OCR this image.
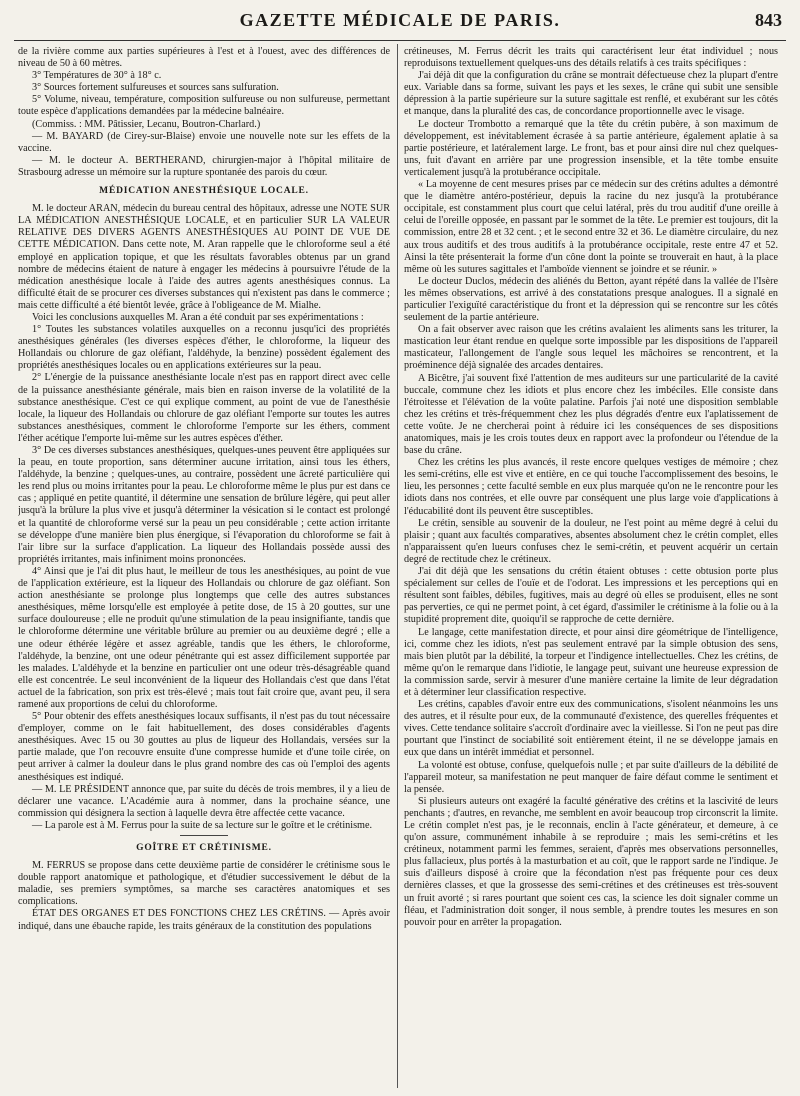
GAZETTE MÉDICALE DE PARIS.	843

de la rivière comme aux parties supérieures à l'est et à l'ouest, avec des différences de niveau de 50 à 60 mètres.

3° Températures de 30° à 18° c.

3° Sources fortement sulfureuses et sources sans sulfuration.

5° Volume, niveau, température, composition sulfureuse ou non sulfureuse, permettant toute espèce d'applications demandées par la médecine balnéaire.

(Commiss. : MM. Pâtissier, Lecanu, Boutron-Charlard.)

— M. BAYARD (de Cirey-sur-Blaise) envoie une nouvelle note sur les effets de la vaccine.

— M. le docteur A. BERTHERAND, chirurgien-major à l'hôpital militaire de Strasbourg adresse un mémoire sur la rupture spontanée des parois du cœur.

MÉDICATION ANESTHÉSIQUE LOCALE.

M. le docteur ARAN, médecin du bureau central des hôpitaux, adresse une NOTE SUR LA MÉDICATION ANESTHÉSIQUE LOCALE, et en particulier SUR LA VALEUR RELATIVE DES DIVERS AGENTS ANESTHÉSIQUES AU POINT DE VUE DE CETTE MÉDICATION. Dans cette note, M. Aran rappelle que le chloroforme seul a été employé en application topique, et que les résultats favorables obtenus par un grand nombre de médecins étaient de nature à engager les médecins à poursuivre l'étude de la médication anesthésique locale à l'aide des autres agents anesthésiques connus. La difficulté était de se procurer ces diverses substances qui n'existent pas dans le commerce ; mais cette difficulté a été bientôt levée, grâce à l'obligeance de M. Mialhe.

Voici les conclusions auxquelles M. Aran a été conduit par ses expérimentations :

1° Toutes les substances volatiles auxquelles on a reconnu jusqu'ici des propriétés anesthésiques générales (les diverses espèces d'éther, le chloroforme, la liqueur des Hollandais ou chlorure de gaz oléfiant, l'aldéhyde, la benzine) possèdent également des propriétés anesthésiques locales ou en applications extérieures sur la peau.

2° L'énergie de la puissance anesthésiante locale n'est pas en rapport direct avec celle de la puissance anesthésiante générale, mais bien en raison inverse de la volatilité de la substance anesthésique. C'est ce qui explique comment, au point de vue de l'anesthésie locale, la liqueur des Hollandais ou chlorure de gaz oléfiant l'emporte sur toutes les autres substances anesthésiques, comment le chloroforme l'emporte sur les éthers, comment l'éther acétique l'emporte lui-même sur les autres espèces d'éther.

3° De ces diverses substances anesthésiques, quelques-unes peuvent être appliquées sur la peau, en toute proportion, sans déterminer aucune irritation, ainsi tous les éthers, l'aldéhyde, la benzine ; quelques-unes, au contraire, possèdent une âcreté particulière qui les rend plus ou moins irritantes pour la peau. Le chloroforme même le plus pur est dans ce cas ; appliqué en petite quantité, il détermine une sensation de brûlure légère, qui peut aller jusqu'à la brûlure la plus vive et jusqu'à déterminer la vésication si le contact est prolongé et la quantité de chloroforme versé sur la peau un peu considérable ; cette action irritante se développe d'une manière bien plus énergique, si l'évaporation du chloroforme se fait à l'air libre sur la surface d'application. La liqueur des Hollandais possède aussi des propriétés irritantes, mais infiniment moins prononcées.

4° Ainsi que je l'ai dit plus haut, le meilleur de tous les anesthésiques, au point de vue de l'application extérieure, est la liqueur des Hollandais ou chlorure de gaz oléfiant. Son action anesthésiante se prolonge plus longtemps que celle des autres substances anesthésiques, même lorsqu'elle est employée à petite dose, de 15 à 20 gouttes, sur une surface douloureuse ; elle ne produit qu'une stimulation de la peau insignifiante, tandis que le chloroforme détermine une véritable brûlure au premier ou au deuxième degré ; elle a une odeur éthérée légère et assez agréable, tandis que les éthers, le chloroforme, l'aldéhyde, la benzine, ont une odeur pénétrante qui est assez difficilement supportée par les malades. L'aldéhyde et la benzine en particulier ont une odeur très-désagréable quand elle est concentrée. Le seul inconvénient de la liqueur des Hollandais c'est que dans l'état actuel de la fabrication, son prix est très-élevé ; mais tout fait croire que, avant peu, il sera ramené aux proportions de celui du chloroforme.

5° Pour obtenir des effets anesthésiques locaux suffisants, il n'est pas du tout nécessaire d'employer, comme on le fait habituellement, des doses considérables d'agents anesthésiques. Avec 15 ou 30 gouttes au plus de liqueur des Hollandais, versées sur la partie malade, que l'on recouvre ensuite d'une compresse humide et d'une toile cirée, on peut arriver à calmer la douleur dans le plus grand nombre des cas où l'emploi des agents anesthésiques est indiqué.

— M. LE PRÉSIDENT annonce que, par suite du décès de trois membres, il y a lieu de déclarer une vacance. L'Académie aura à nommer, dans la prochaine séance, une commission qui désignera la section à laquelle devra être affectée cette vacance.

— La parole est à M. Ferrus pour la suite de sa lecture sur le goître et le crétinisme.

GOÎTRE ET CRÉTINISME.

M. FERRUS se propose dans cette deuxième partie de considérer le crétinisme sous le double rapport anatomique et pathologique, et d'étudier successivement le début de la maladie, ses premiers symptômes, sa marche ses caractères anatomiques et ses complications.

ÉTAT DES ORGANES ET DES FONCTIONS CHEZ LES CRÉTINS. — Après avoir indiqué, dans une ébauche rapide, les traits généraux de la constitution des populations

crétineuses, M. Ferrus décrit les traits qui caractérisent leur état individuel ; nous reproduisons textuellement quelques-uns des détails relatifs à ces traits spécifiques :

J'ai déjà dit que la configuration du crâne se montrait défectueuse chez la plupart d'entre eux. Variable dans sa forme, suivant les pays et les sexes, le crâne qui subit une sensible dépression à la partie supérieure sur la suture sagittale est renflé, et exubérant sur les côtés et manque, dans la pluralité des cas, de concordance proportionnelle avec le visage.

Le docteur Trombotto a remarqué que la tête du crétin pubère, à son maximum de développement, est inévitablement écrasée à sa partie antérieure, également aplatie à sa partie postérieure, et latéralement large. Le front, bas et pour ainsi dire nul chez quelques-uns, fuit d'avant en arrière par une progression insensible, et la tête tombe ensuite verticalement jusqu'à la protubérance occipitale.

« La moyenne de cent mesures prises par ce médecin sur des crétins adultes a démontré que le diamètre antéro-postérieur, depuis la racine du nez jusqu'à la protubérance occipitale, est constamment plus court que celui latéral, près du trou auditif d'une oreille à celui de l'oreille opposée, en passant par le sommet de la tête. Le premier est toujours, dit la commission, entre 28 et 32 cent. ; et le second entre 32 et 36. Le diamètre circulaire, du nez aux trous auditifs et des trous auditifs à la protubérance occipitale, reste entre 47 et 52. Ainsi la tête présenterait la forme d'un cône dont la pointe se trouverait en haut, à la place même où les sutures sagittales et l'amboïde viennent se joindre et se réunir. »

Le docteur Duclos, médecin des aliénés du Betton, ayant répété dans la vallée de l'Isère les mêmes observations, est arrivé à des constatations presque analogues. Il a signalé en particulier l'exiguïté caractéristique du front et la dépression qui se rencontre sur les côtés seulement de la partie antérieure.

On a fait observer avec raison que les crétins avalaient les aliments sans les triturer, la mastication leur étant rendue en quelque sorte impossible par les dispositions de l'appareil masticateur, l'allongement de l'angle sous lequel les mâchoires se rencontrent, et la proéminence déjà signalée des arcades dentaires.

A Bicêtre, j'ai souvent fixé l'attention de mes auditeurs sur une particularité de la cavité buccale, commune chez les idiots et plus encore chez les imbéciles. Elle consiste dans l'étroitesse et l'élévation de la voûte palatine. Parfois j'ai noté une disposition semblable chez les crétins et très-fréquemment chez les plus dégradés d'entre eux l'aplatissement de cette voûte. Je ne chercherai point à réduire ici les conséquences de ses dispositions anatomiques, mais je les crois toutes deux en rapport avec la profondeur ou l'étendue de la base du crâne.

Chez les crétins les plus avancés, il reste encore quelques vestiges de mémoire ; chez les semi-crétins, elle est vive et entière, en ce qui touche l'accomplissement des besoins, le lieu, les personnes ; cette faculté semble en eux plus marquée qu'on ne le rencontre pour les idiots dans nos contrées, et elle ouvre par conséquent une plus large voie d'applications à l'éducabilité dont ils peuvent être susceptibles.

Le crétin, sensible au souvenir de la douleur, ne l'est point au même degré à celui du plaisir ; quant aux facultés comparatives, absentes absolument chez le crétin complet, elles n'apparaissent qu'en lueurs confuses chez le semi-crétin, et peuvent acquérir un certain degré de rectitude chez le crétineux.

J'ai dit déjà que les sensations du crétin étaient obtuses : cette obtusion porte plus spécialement sur celles de l'ouïe et de l'odorat. Les impressions et les perceptions qui en résultent sont faibles, débiles, fugitives, mais au degré où elles se produisent, elles ne sont pas perverties, ce qui ne permet point, à cet égard, d'assimiler le crétinisme à la folie ou à la stupidité proprement dite, quoiqu'il se rapproche de cette dernière.

Le langage, cette manifestation directe, et pour ainsi dire géométrique de l'intelligence, ici, comme chez les idiots, n'est pas seulement entravé par la simple obtusion des sens, mais bien plutôt par la débilité, la torpeur et l'indigence intellectuelles. Chez les crétins, de même qu'on le remarque dans l'idiotie, le langage peut, suivant une heureuse expression de la commission sarde, servir à mesurer d'une manière certaine la limite de leur dégradation et à déterminer leur classification respective.

Les crétins, capables d'avoir entre eux des communications, s'isolent néanmoins les uns des autres, et il résulte pour eux, de la communauté d'existence, des querelles fréquentes et vives. Cette tendance solitaire s'accroît d'ordinaire avec la vieillesse. Si l'on ne peut pas dire pourtant que l'instinct de sociabilité soit entièrement éteint, il ne se développe jamais en eux que dans un intérêt immédiat et personnel.

La volonté est obtuse, confuse, quelquefois nulle ; et par suite d'ailleurs de la débilité de l'appareil moteur, sa manifestation ne peut manquer de faire défaut comme le sentiment et la pensée.

Si plusieurs auteurs ont exagéré la faculté générative des crétins et la lascivité de leurs penchants ; d'autres, en revanche, me semblent en avoir beaucoup trop circonscrit la limite. Le crétin complet n'est pas, je le reconnais, enclin à l'acte générateur, et demeure, à ce qu'on assure, communément inhabile à se reproduire ; mais les semi-crétins et les crétineux, notamment parmi les femmes, seraient, d'après mes observations personnelles, plus fallacieux, plus portés à la masturbation et au coït, que le rapport sarde ne l'indique. Je suis d'ailleurs disposé à croire que la fécondation n'est pas fréquente pour ces deux dernières classes, et que la grossesse des semi-crétines et des crétineuses est très-souvent un fruit avorté ; si rares pourtant que soient ces cas, la science les doit signaler comme un fléau, et l'administration doit songer, il nous semble, à prendre toutes les mesures en son pouvoir pour en arrêter la propagation.
